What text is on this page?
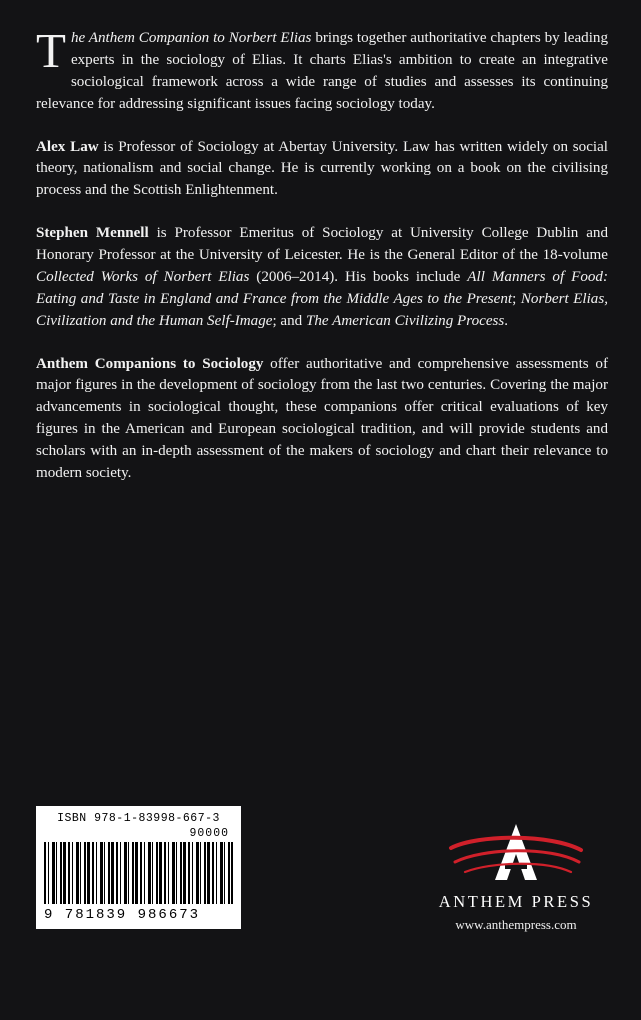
The Anthem Companion to Norbert Elias brings together authoritative chapters by leading experts in the sociology of Elias. It charts Elias's ambition to create an integrative sociological framework across a wide range of studies and assesses its continuing relevance for addressing significant issues facing sociology today.

Alex Law is Professor of Sociology at Abertay University. Law has written widely on social theory, nationalism and social change. He is currently working on a book on the civilising process and the Scottish Enlightenment.

Stephen Mennell is Professor Emeritus of Sociology at University College Dublin and Honorary Professor at the University of Leicester. He is the General Editor of the 18-volume Collected Works of Norbert Elias (2006–2014). His books include All Manners of Food: Eating and Taste in England and France from the Middle Ages to the Present; Norbert Elias, Civilization and the Human Self-Image; and The American Civilizing Process.

Anthem Companions to Sociology offer authoritative and comprehensive assessments of major figures in the development of sociology from the last two centuries. Covering the major advancements in sociological thought, these companions offer critical evaluations of key figures in the American and European sociological tradition, and will provide students and scholars with an in-depth assessment of the makers of sociology and chart their relevance to modern society.

ISBN 978-1-83998-667-3
90000
9 781839 986673
ANTHEM PRESS
www.anthempress.com
